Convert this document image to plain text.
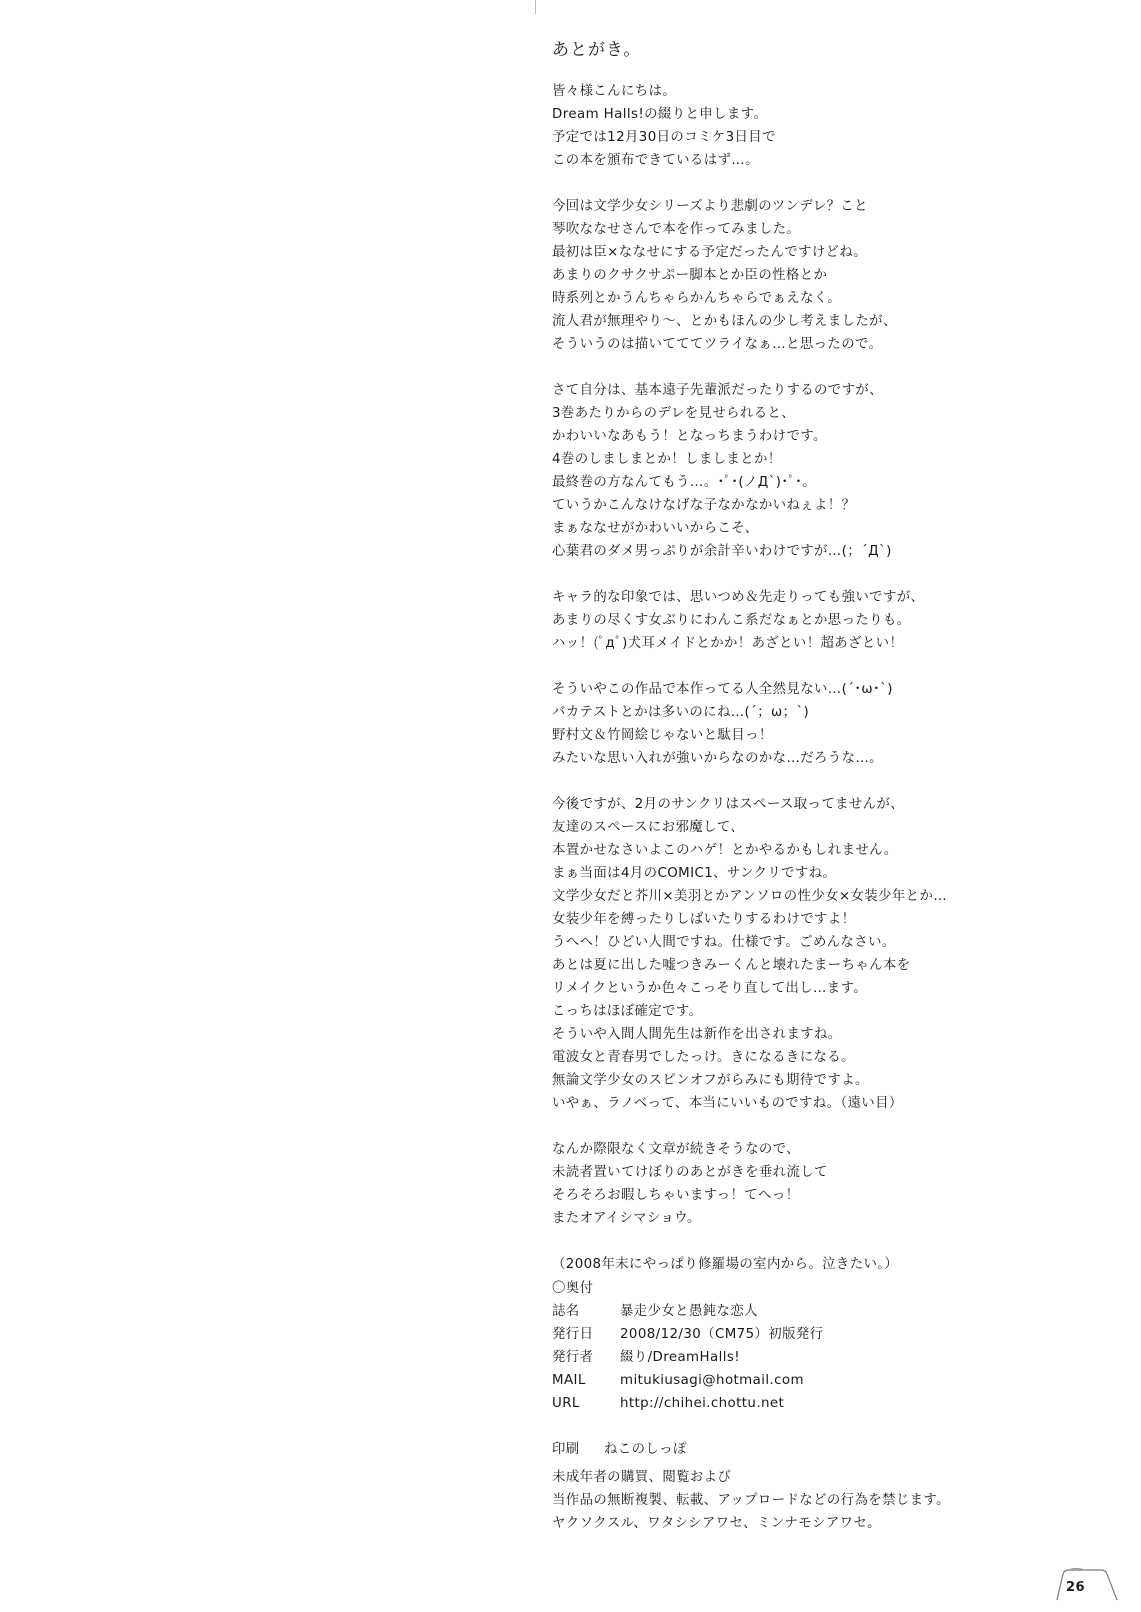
あとがき。
皆々様こんにちは。
Dream Halls!の綴りと申します。
予定では12月30日のコミケ3日目で
この本を頒布できているはず…。
今回は文学少女シリーズより悲劇のツンデレ？こと
琴吹ななせさんで本を作ってみました。
最初は臣×ななせにする予定だったんですけどね。
あまりのクサクサぷー脚本とか臣の性格とか
時系列とかうんちゃらかんちゃらでぁえなく。
流人君が無理やり～、とかもほんの少し考えましたが、
そういうのは描いてててツライなぁ…と思ったので。
さて自分は、基本遠子先輩派だったりするのですが、
3巻あたりからのデレを見せられると、
かわいいなあもう！となっちまうわけです。
4巻のしましまとか！しましまとか！
最終巻の方なんてもう…。･ﾟ･(ノД`)･ﾟ･。
ていうかこんなけなげな子なかなかいねぇよ！？
まぁななせがかわいいからこそ、
心葉君のダメ男っぷりが余計辛いわけですが…(；´Д`)
キャラ的な印象では、思いつめ＆先走りっても強いですが、
あまりの尽くす女ぶりにわんこ系だなぁとか思ったりも。
ハッ！(ﾟдﾟ)犬耳メイドとかか！あざとい！超あざとい！
そういやこの作品で本作ってる人全然見ない…(´･ω･`)
バカテストとかは多いのにね…(´；ω；`)
野村文＆竹岡絵じゃないと駄目っ！
みたいな思い入れが強いからなのかな…だろうな…。
今後ですが、2月のサンクリはスペース取ってませんが、
友達のスペースにお邪魔して、
本置かせなさいよこのハゲ！とかやるかもしれません。
まぁ当面は4月のCOMIC1、サンクリですね。
文学少女だと芥川×美羽とかアンソロの性少女×女装少年とか…
女装少年を縛ったりしばいたりするわけですよ！
うへへ！ひどい人間ですね。仕様です。ごめんなさい。
あとは夏に出した嘘つきみーくんと壊れたまーちゃん本を
リメイクというか色々こっそり直して出し…ます。
こっちはほぼ確定です。
そういや入間人間先生は新作を出されますね。
電波女と青春男でしたっけ。きになるきになる。
無論文学少女のスピンオフがらみにも期待ですよ。
いやぁ、ラノベって、本当にいいものですね。（遠い目）
なんか際限なく文章が続きそうなので、
未読者置いてけぼりのあとがきを垂れ流して
そろそろお暇しちゃいますっ！てへっ！
またオアイシマショウ。
（2008年末にやっぱり修羅場の室内から。泣きたい。）
〇奥付
誌名	暴走少女と愚鈍な恋人
発行日	2008/12/30（CM75）初版発行
発行者	綴り/DreamHalls!
MAIL	mitukiusagi@hotmail.com
URL	http://chihei.chottu.net
印刷	ねこのしっぽ
未成年者の購買、閲覧および
当作品の無断複製、転載、アップロードなどの行為を禁じます。
ヤクソクスル、ワタシシアワセ、ミンナモシアワセ。
26
